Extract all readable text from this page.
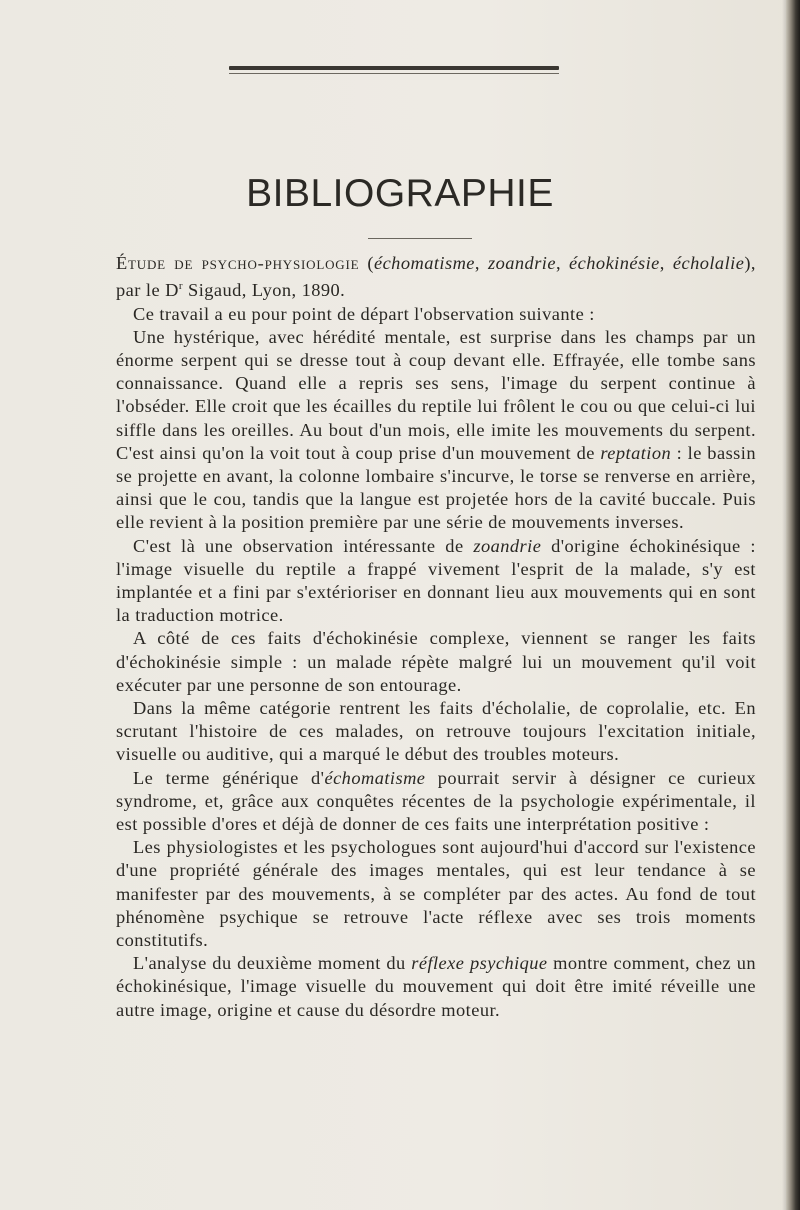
BIBLIOGRAPHIE

Étude de psycho-physiologie (échomatisme, zoandrie, échokinésie, écholalie), par le $D^r$ Sigaud, Lyon, 1890.

Ce travail a eu pour point de départ l'observation suivante :

Une hystérique, avec hérédité mentale, est surprise dans les champs par un énorme serpent qui se dresse tout à coup devant elle. Effrayée, elle tombe sans connaissance. Quand elle a repris ses sens, l'image du serpent continue à l'obséder. Elle croit que les écailles du reptile lui frôlent le cou ou que celui-ci lui siffle dans les oreilles. Au bout d'un mois, elle imite les mouvements du serpent. C'est ainsi qu'on la voit tout à coup prise d'un mouvement de reptation : le bassin se projette en avant, la colonne lombaire s'incurve, le torse se renverse en arrière, ainsi que le cou, tandis que la langue est projetée hors de la cavité buccale. Puis elle revient à la position première par une série de mouvements inverses.

C'est là une observation intéressante de zoandrie d'origine échokinésique : l'image visuelle du reptile a frappé vivement l'esprit de la malade, s'y est implantée et a fini par s'extérioriser en donnant lieu aux mouvements qui en sont la traduction motrice.

A côté de ces faits d'échokinésie complexe, viennent se ranger les faits d'échokinésie simple : un malade répète malgré lui un mouvement qu'il voit exécuter par une personne de son entourage.

Dans la même catégorie rentrent les faits d'écholalie, de coprolalie, etc. En scrutant l'histoire de ces malades, on retrouve toujours l'excitation initiale, visuelle ou auditive, qui a marqué le début des troubles moteurs.

Le terme générique d'échomatisme pourrait servir à désigner ce curieux syndrome, et, grâce aux conquêtes récentes de la psychologie expérimentale, il est possible d'ores et déjà de donner de ces faits une interprétation positive :

Les physiologistes et les psychologues sont aujourd'hui d'accord sur l'existence d'une propriété générale des images mentales, qui est leur tendance à se manifester par des mouvements, à se compléter par des actes. Au fond de tout phénomène psychique se retrouve l'acte réflexe avec ses trois moments constitutifs.

L'analyse du deuxième moment du réflexe psychique montre comment, chez un échokinésique, l'image visuelle du mouvement qui doit être imité réveille une autre image, origine et cause du désordre moteur.
